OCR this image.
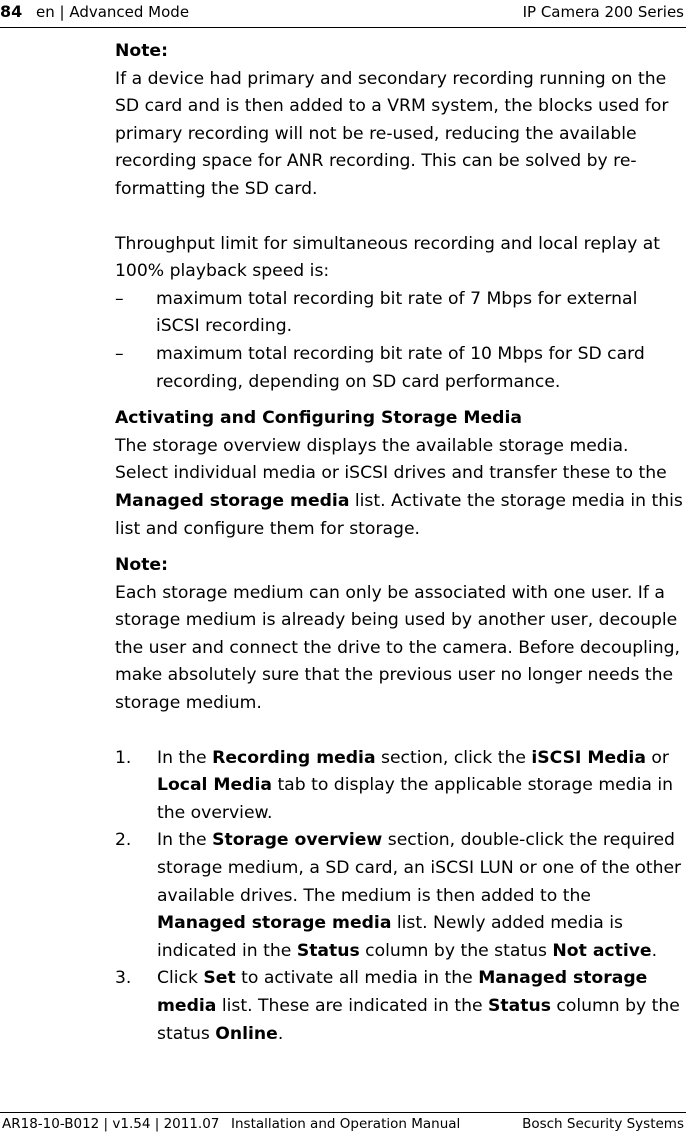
84 en | Advanced Mode	IP Camera 200 Series

Note:

If a device had primary and secondary recording running on the SD card and is then added to a VRM system, the blocks used for primary recording will not be re-used, reducing the available recording space for ANR recording. This can be solved by re-formatting the SD card.

Throughput limit for simultaneous recording and local replay at 100% playback speed is:

– maximum total recording bit rate of 7 Mbps for external iSCSI recording.
– maximum total recording bit rate of 10 Mbps for SD card recording, depending on SD card performance.

Activating and Configuring Storage Media

The storage overview displays the available storage media.

Select individual media or iSCSI drives and transfer these to the Managed storage media list. Activate the storage media in this list and configure them for storage.

Note:

Each storage medium can only be associated with one user. If a storage medium is already being used by another user, decouple the user and connect the drive to the camera. Before decoupling, make absolutely sure that the previous user no longer needs the storage medium.

1. In the Recording media section, click the iSCSI Media or Local Media tab to display the applicable storage media in the overview.
2. In the Storage overview section, double-click the required storage medium, a SD card, an iSCSI LUN or one of the other available drives. The medium is then added to the Managed storage media list. Newly added media is indicated in the Status column by the status Not active.
3. Click Set to activate all media in the Managed storage media list. These are indicated in the Status column by the status Online.
AR18-10-B012 | v1.54 | 2011.07 Installation and Operation Manual	Bosch Security Systems
